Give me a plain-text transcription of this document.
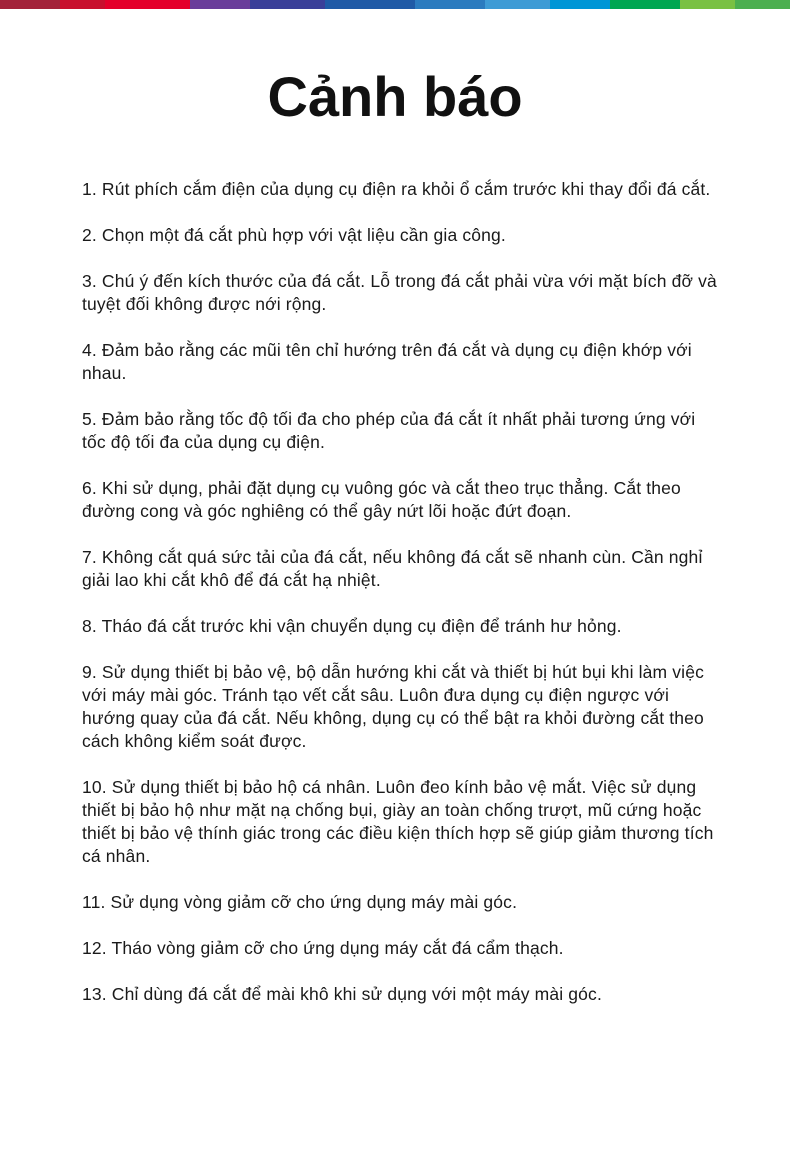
Cảnh báo
1. Rút phích cắm điện của dụng cụ điện ra khỏi ổ cắm trước khi thay đổi đá cắt.
2. Chọn một đá cắt phù hợp với vật liệu cần gia công.
3. Chú ý đến kích thước của đá cắt. Lỗ trong đá cắt phải vừa với mặt bích đỡ và tuyệt đối không được nới rộng.
4. Đảm bảo rằng các mũi tên chỉ hướng trên đá cắt và dụng cụ điện khớp với nhau.
5. Đảm bảo rằng tốc độ tối đa cho phép của đá cắt ít nhất phải tương ứng với tốc độ tối đa của dụng cụ điện.
6. Khi sử dụng, phải đặt dụng cụ vuông góc và cắt theo trục thẳng. Cắt theo đường cong và góc nghiêng có thể gây nứt lõi hoặc đứt đoạn.
7. Không cắt quá sức tải của đá cắt, nếu không đá cắt sẽ nhanh cùn. Cần nghỉ giải lao khi cắt khô để đá cắt hạ nhiệt.
8. Tháo đá cắt trước khi vận chuyển dụng cụ điện để tránh hư hỏng.
9. Sử dụng thiết bị bảo vệ, bộ dẫn hướng khi cắt và thiết bị hút bụi khi làm việc với máy mài góc. Tránh tạo vết cắt sâu. Luôn đưa dụng cụ điện ngược với hướng quay của đá cắt. Nếu không, dụng cụ có thể bật ra khỏi đường cắt theo cách không kiểm soát được.
10. Sử dụng thiết bị bảo hộ cá nhân. Luôn đeo kính bảo vệ mắt. Việc sử dụng thiết bị bảo hộ như mặt nạ chống bụi, giày an toàn chống trượt, mũ cứng hoặc thiết bị bảo vệ thính giác trong các điều kiện thích hợp sẽ giúp giảm thương tích cá nhân.
11. Sử dụng vòng giảm cỡ cho ứng dụng máy mài góc.
12. Tháo vòng giảm cỡ cho ứng dụng máy cắt đá cẩm thạch.
13. Chỉ dùng đá cắt để mài khô khi sử dụng với một máy mài góc.
